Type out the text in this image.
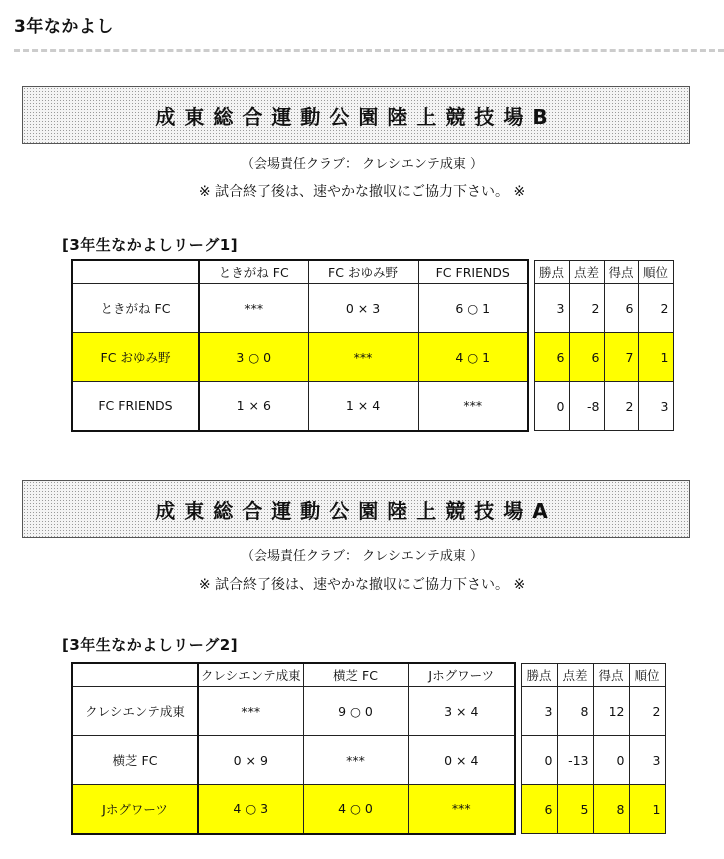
3年なかよし
成東総合運動公園陸上競技場B
（会場責任クラブ： クレシエンテ成東 ）
※ 試合終了後は、速やかな撤収にご協力下さい。 ※
[3年生なかよしリーグ1]
	ときがね FC	FC おゆみ野	FC FRIENDS		勝点	点差	得点	順位
ときがね FC	***	0 × 3	6 ○ 1		3	2	6	2
FC おゆみ野	3 ○ 0	***	4 ○ 1		6	6	7	1
FC FRIENDS	1 × 6	1 × 4	***		0	-8	2	3
成東総合運動公園陸上競技場A
（会場責任クラブ： クレシエンテ成東 ）
※ 試合終了後は、速やかな撤収にご協力下さい。 ※
[3年生なかよしリーグ2]
	クレシエンテ成東	横芝 FC	Jホグワーツ		勝点	点差	得点	順位
クレシエンテ成東	***	9 ○ 0	3 × 4		3	8	12	2
横芝 FC	0 × 9	***	0 × 4		0	-13	0	3
Jホグワーツ	4 ○ 3	4 ○ 0	***		6	5	8	1
